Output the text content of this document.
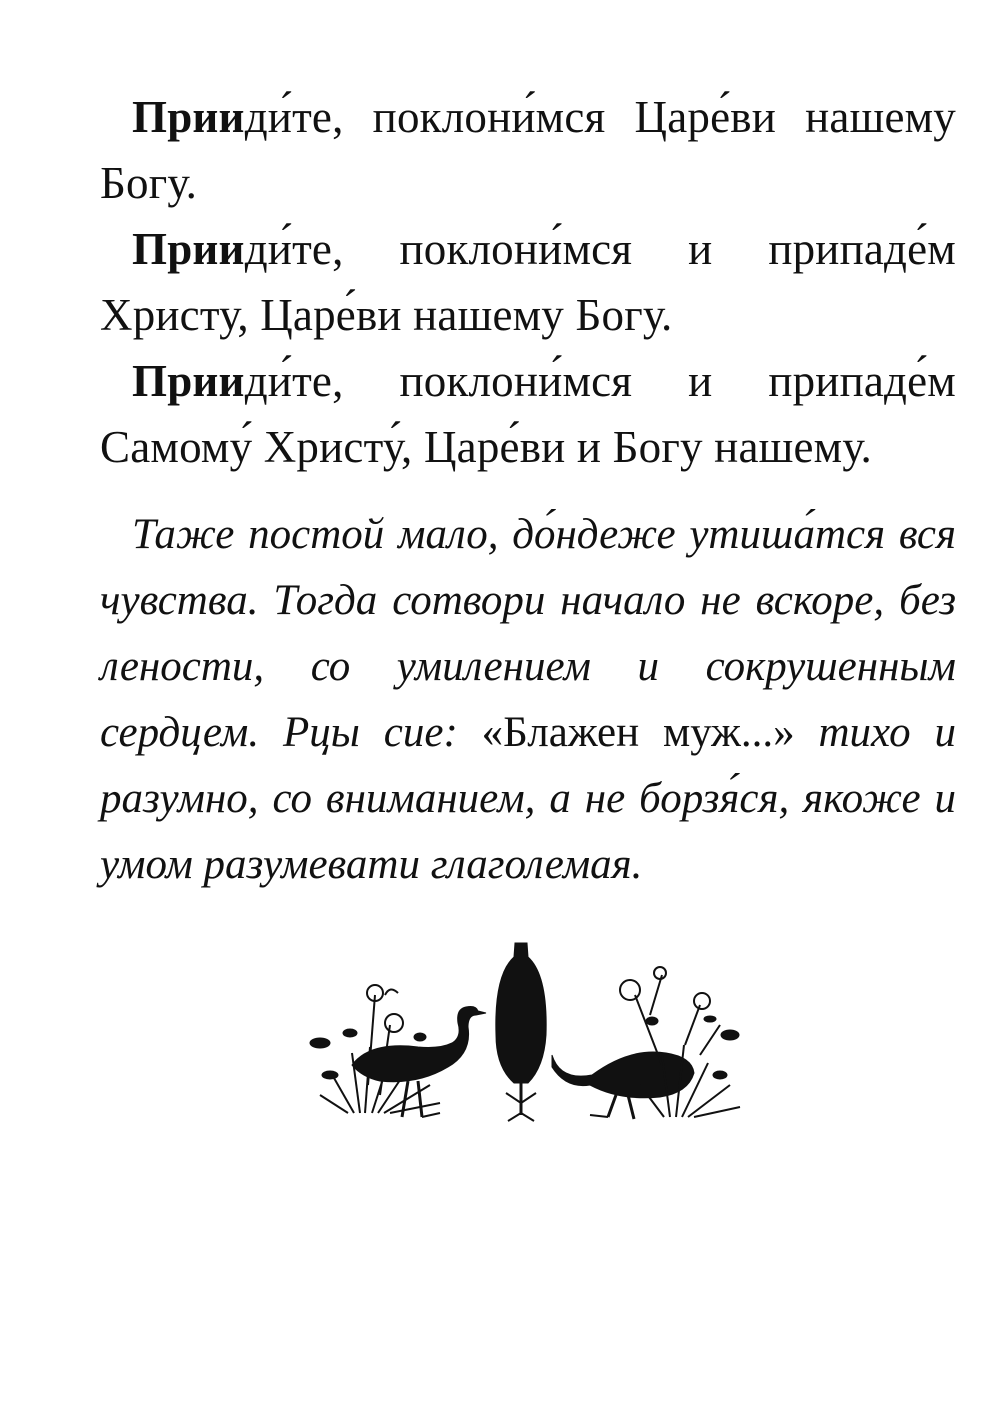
Прииди́те, поклони́мся Царе́ви нашему Богу.

Прииди́те, поклони́мся и припаде́м Христу, Царе́ви нашему Богу.

Прииди́те, поклони́мся и припаде́м Самому́ Христу́, Царе́ви и Богу нашему.

Таже постой мало, до́ндеже утиша́тся вся чувства. Тогда сотвори начало не вскоре, без лености, со умилением и сокрушенным сердцем. Рцы сие: «Блажен муж...» тихо и разумно, со вниманием, а не борзя́ся, якоже и умом разумевати глаголемая.
